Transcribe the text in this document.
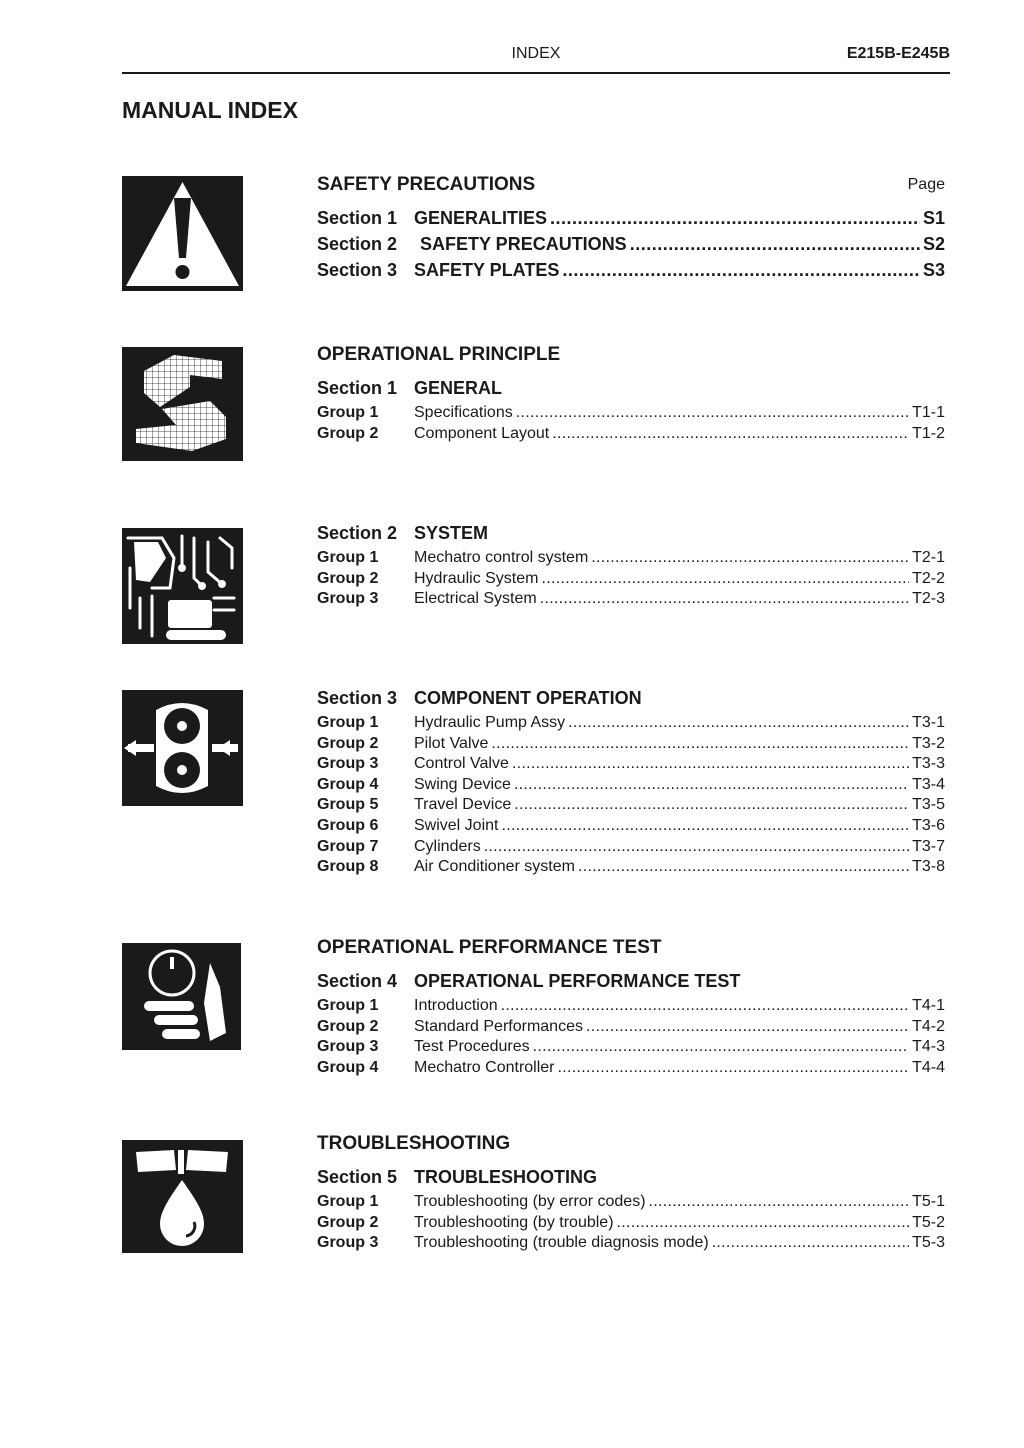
INDEX	E215B-E245B
MANUAL INDEX
SAFETY PRECAUTIONS	Page
Section 1 GENERALITIES .....	S1
Section 2	SAFETY PRECAUTIONS .....	S2
Section 3 SAFETY PLATES .....	S3
OPERATIONAL PRINCIPLE
Section 1 GENERAL
Group 1	Specifications .....	T1-1
Group 2	Component Layout .....	T1-2
Section 2 SYSTEM
Group 1	Mechatro control system .....	T2-1
Group 2	Hydraulic System .....	T2-2
Group 3	Electrical System .....	T2-3
Section 3 COMPONENT OPERATION
Group 1	Hydraulic Pump Assy .....	T3-1
Group 2	Pilot Valve .....	T3-2
Group 3	Control Valve .....	T3-3
Group 4	Swing Device .....	T3-4
Group 5	Travel Device .....	T3-5
Group 6	Swivel Joint .....	T3-6
Group 7	Cylinders .....	T3-7
Group 8	Air Conditioner system .....	T3-8
OPERATIONAL PERFORMANCE TEST
Section 4 OPERATIONAL PERFORMANCE TEST
Group 1	Introduction .....	T4-1
Group 2	Standard Performances .....	T4-2
Group 3	Test Procedures .....	T4-3
Group 4	Mechatro Controller .....	T4-4
TROUBLESHOOTING
Section 5 TROUBLESHOOTING
Group 1	Troubleshooting (by error codes) .....	T5-1
Group 2	Troubleshooting (by trouble) .....	T5-2
Group 3	Troubleshooting (trouble diagnosis mode) .....	T5-3
